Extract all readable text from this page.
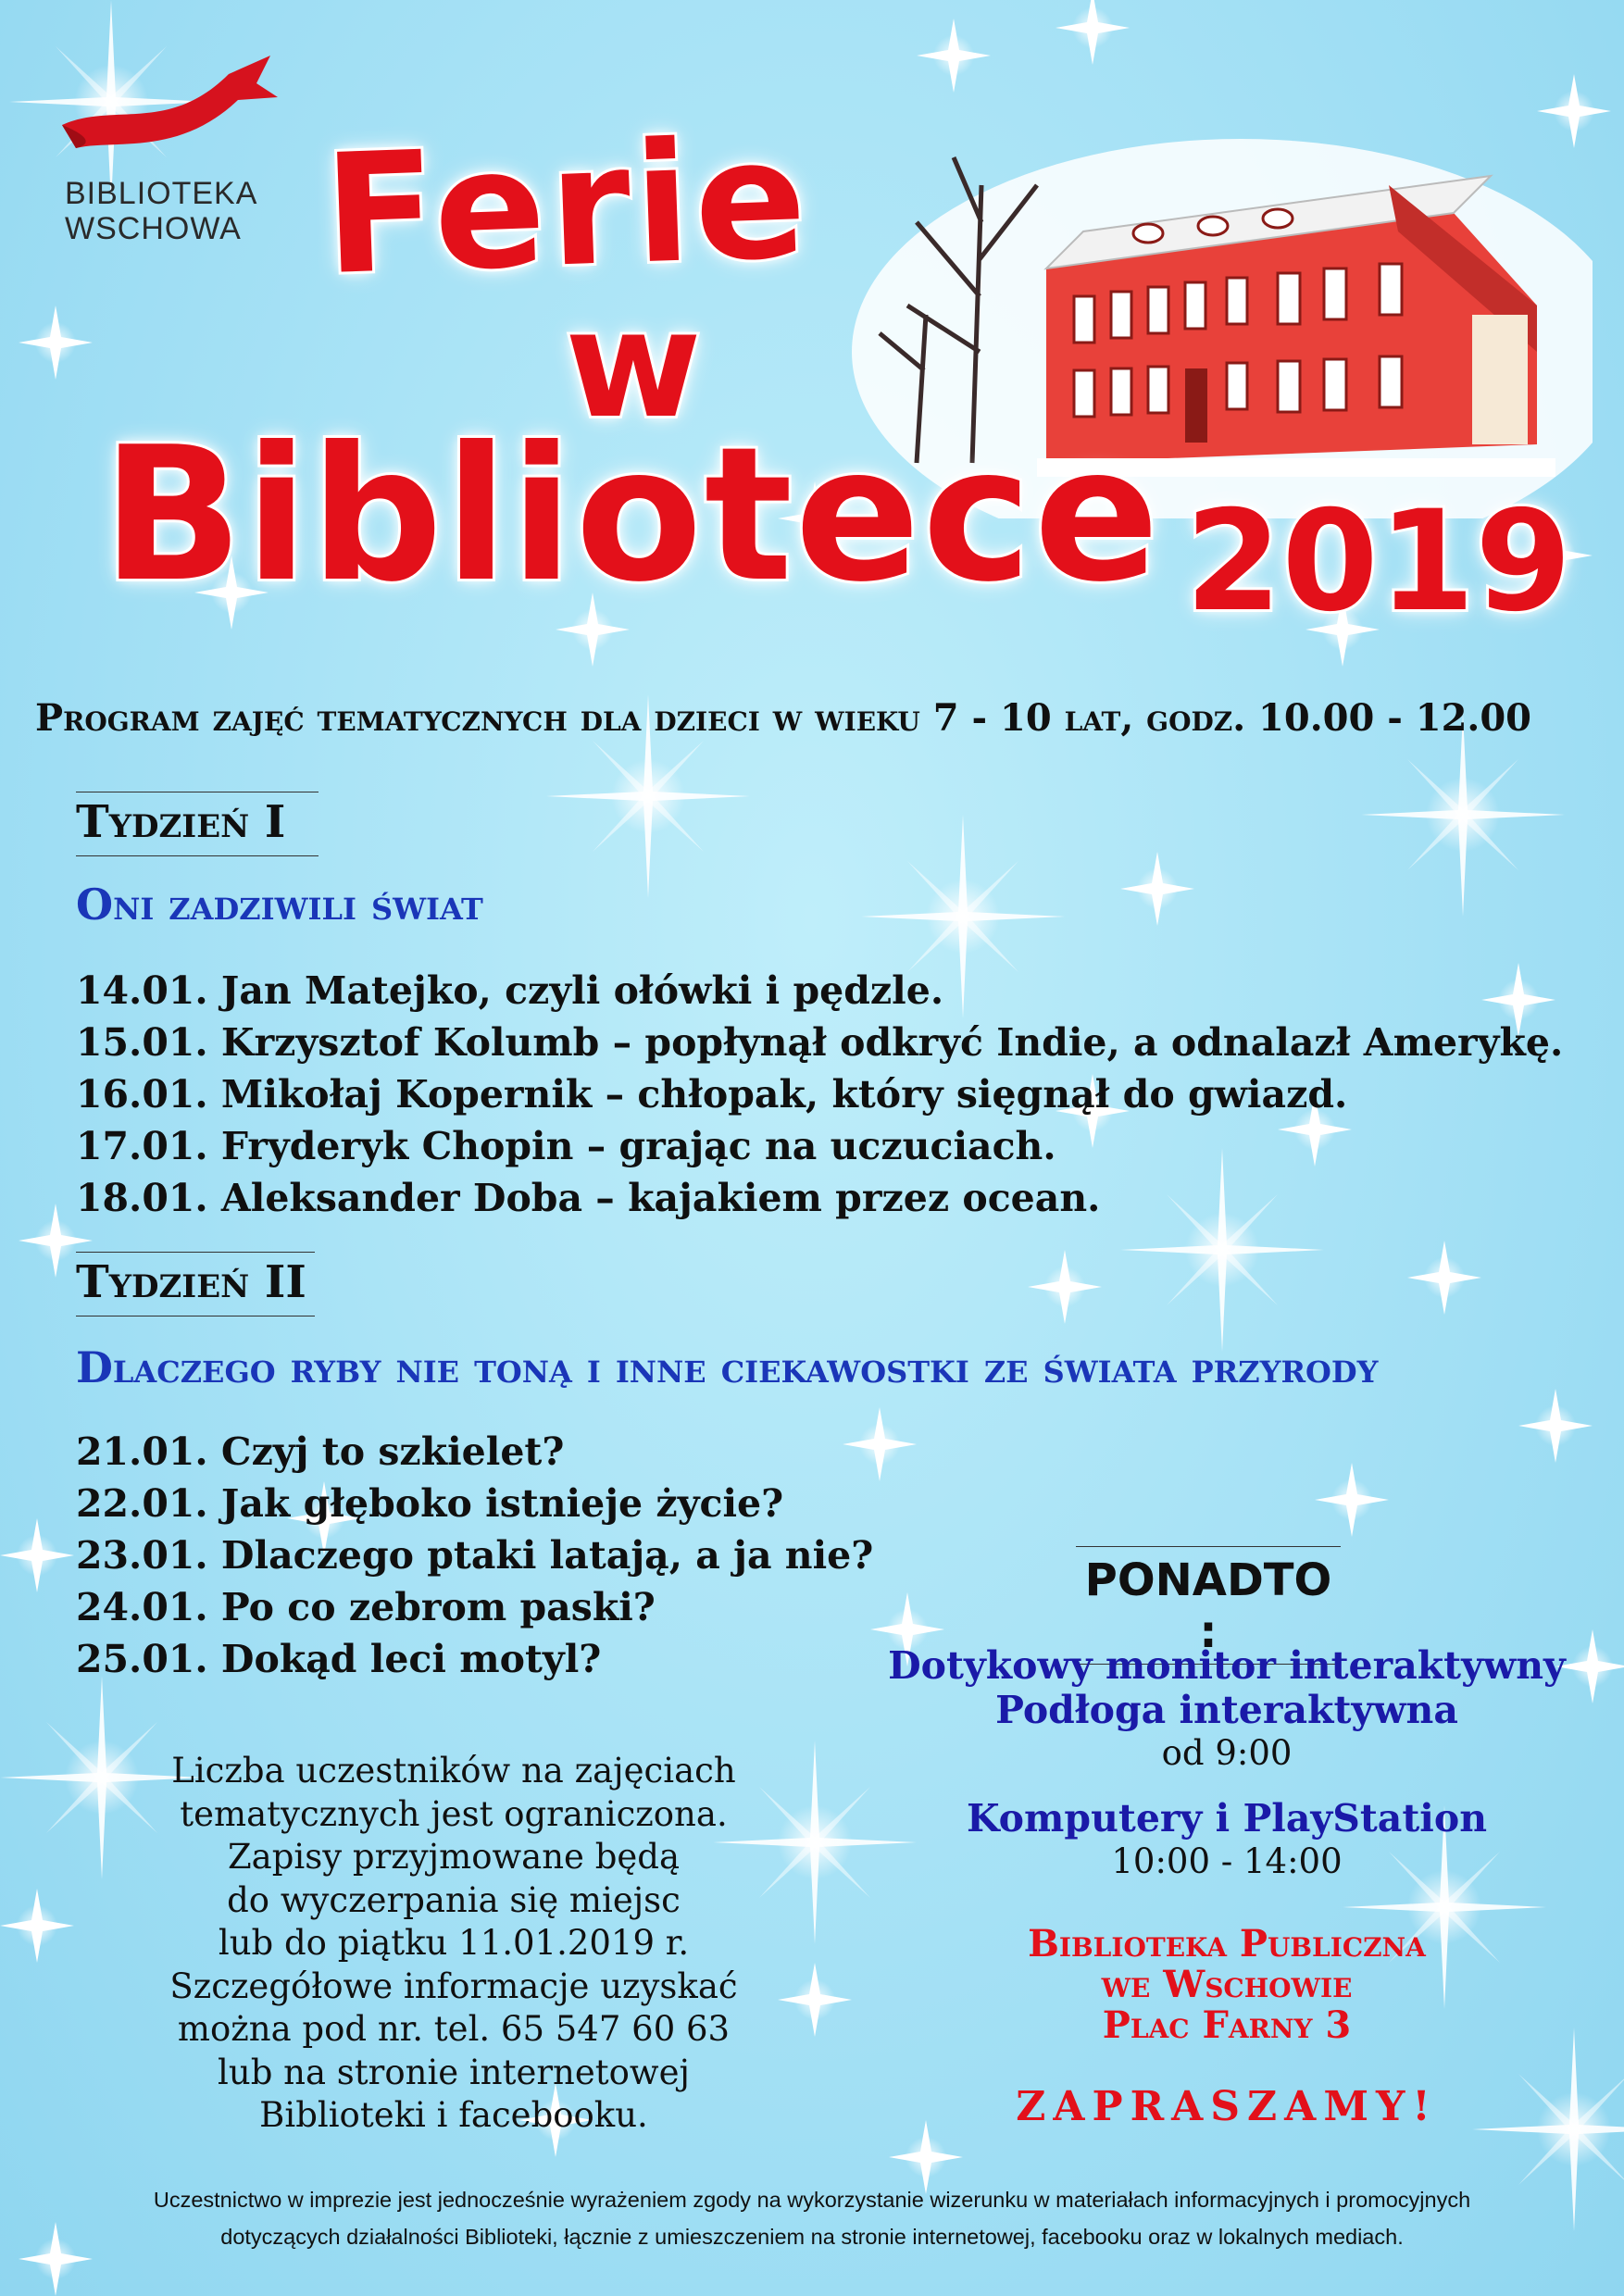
BIBLIOTEKA
WSCHOWA Ferie
w
Bibliotece 2019
Program zajęć tematycznych dla dzieci w wieku 7 - 10 lat, godz. 10.00 - 12.00
Tydzień I
Oni zadziwili świat
14.01. Jan Matejko, czyli ołówki i pędzle.
15.01. Krzysztof Kolumb – popłynął odkryć Indie, a odnalazł Amerykę.
16.01. Mikołaj Kopernik – chłopak, który sięgnął do gwiazd.
17.01. Fryderyk Chopin – grając na uczuciach.
18.01. Aleksander Doba – kajakiem przez ocean.
Tydzień II
Dlaczego ryby nie toną i inne ciekawostki ze świata przyrody
21.01. Czyj to szkielet?
22.01. Jak głęboko istnieje życie?
23.01. Dlaczego ptaki latają, a ja nie?
24.01. Po co zebrom paski?
25.01. Dokąd leci motyl?
Liczba uczestników na zajęciach
tematycznych jest ograniczona.
Zapisy przyjmowane będą
do wyczerpania się miejsc
lub do piątku 11.01.2019 r.
Szczegółowe informacje uzyskać
można pod nr. tel. 65 547 60 63
lub na stronie internetowej
Biblioteki i facebooku.
PONADTO :
Dotykowy monitor interaktywny
Podłoga interaktywna
od 9:00
Komputery i PlayStation
10:00 - 14:00
Biblioteka Publiczna
we Wschowie
Plac Farny 3
ZAPRASZAMY!
Uczestnictwo w imprezie jest jednocześnie wyrażeniem zgody na wykorzystanie wizerunku w materiałach informacyjnych i promocyjnych
dotyczących działalności Biblioteki, łącznie z umieszczeniem na stronie internetowej, facebooku oraz w lokalnych mediach.
